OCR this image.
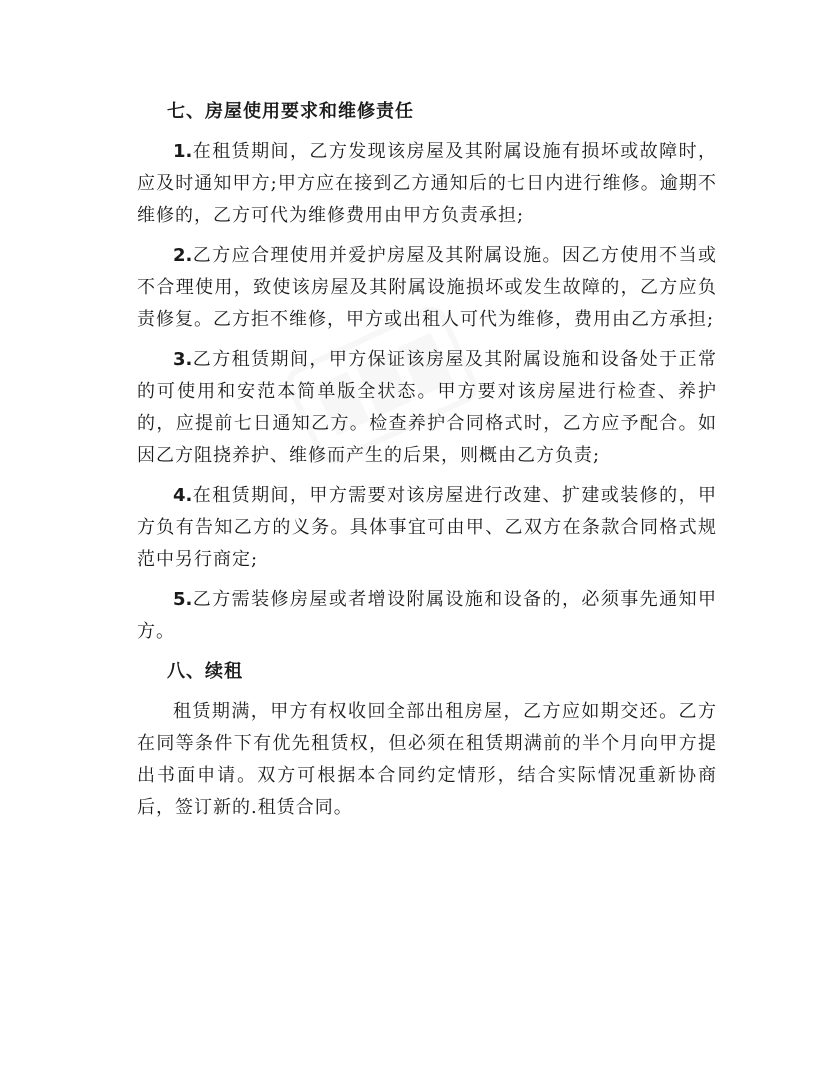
七、房屋使用要求和维修责任

1.在租赁期间，乙方发现该房屋及其附属设施有损坏或故障时，应及时通知甲方;甲方应在接到乙方通知后的七日内进行维修。逾期不维修的，乙方可代为维修费用由甲方负责承担;

2.乙方应合理使用并爱护房屋及其附属设施。因乙方使用不当或不合理使用，致使该房屋及其附属设施损坏或发生故障的，乙方应负责修复。乙方拒不维修，甲方或出租人可代为维修，费用由乙方承担;

3.乙方租赁期间，甲方保证该房屋及其附属设施和设备处于正常的可使用和安范本简单版全状态。甲方要对该房屋进行检查、养护的，应提前七日通知乙方。检查养护合同格式时，乙方应予配合。如因乙方阻挠养护、维修而产生的后果，则概由乙方负责;

4.在租赁期间，甲方需要对该房屋进行改建、扩建或装修的，甲方负有告知乙方的义务。具体事宜可由甲、乙双方在条款合同格式规范中另行商定;

5.乙方需装修房屋或者增设附属设施和设备的，必须事先通知甲方。

八、续租

租赁期满，甲方有权收回全部出租房屋，乙方应如期交还。乙方在同等条件下有优先租赁权，但必须在租赁期满前的半个月向甲方提出书面申请。双方可根据本合同约定情形，结合实际情况重新协商后，签订新的.租赁合同。
